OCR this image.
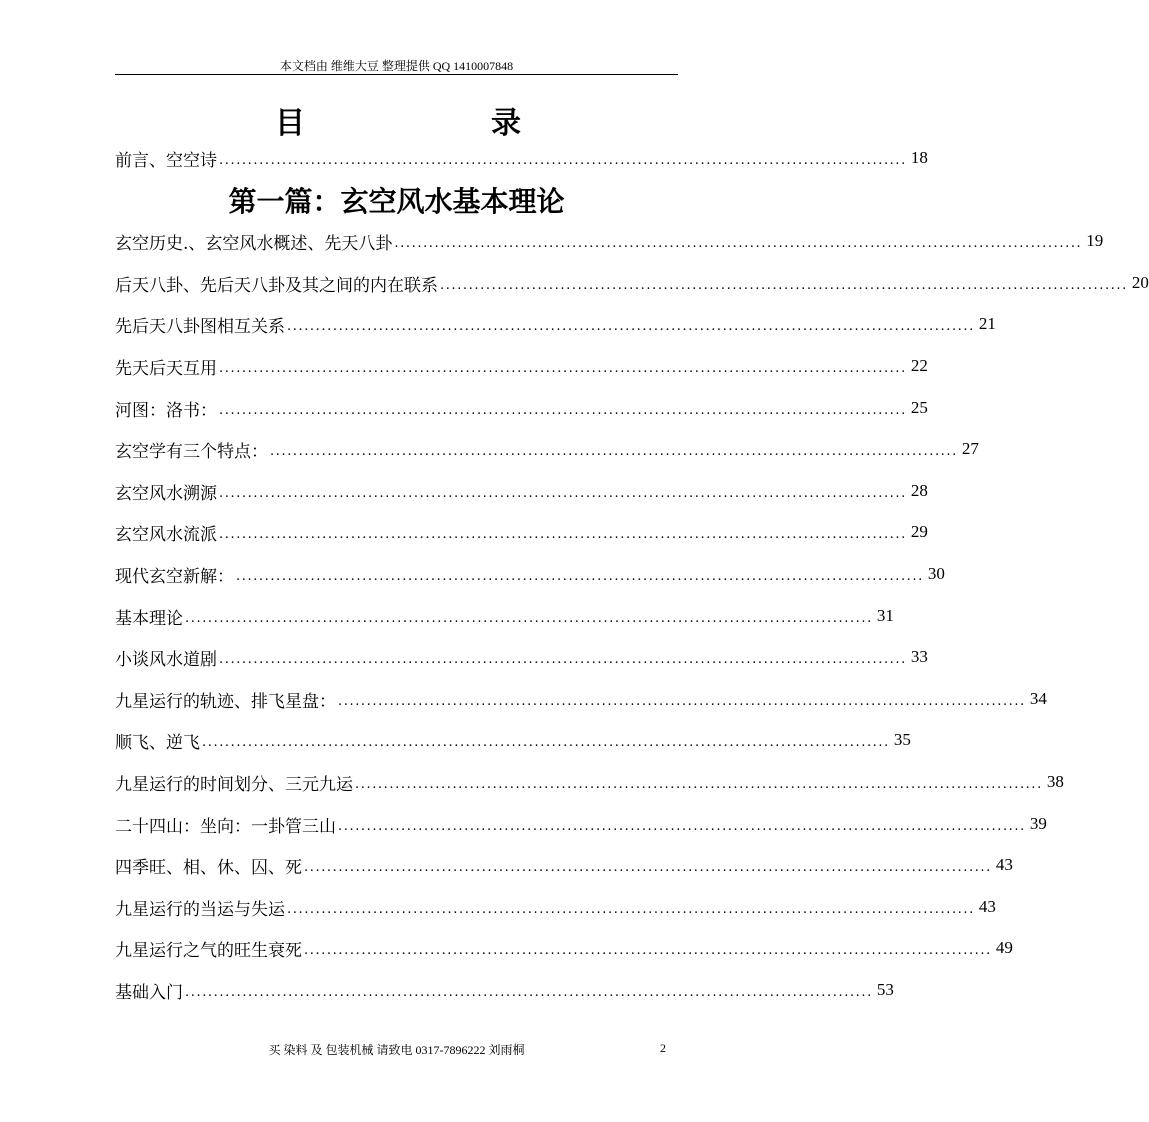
本文档由 维维大豆 整理提供 QQ 1410007848
目	录
前言、空空诗 ........................................................................................................................ 18
第一篇：玄空风水基本理论
玄空历史.、玄空风水概述、先天八卦 ........................................................................................................................ 19
后天八卦、先后天八卦及其之间的内在联系 ........................................................................................................................ 20
先后天八卦图相互关系 ........................................................................................................................ 21
先天后天互用 ........................................................................................................................ 22
河图：洛书： ........................................................................................................................ 25
玄空学有三个特点： ........................................................................................................................ 27
玄空风水溯源 ........................................................................................................................ 28
玄空风水流派 ........................................................................................................................ 29
现代玄空新解： ........................................................................................................................ 30
基本理论 ........................................................................................................................ 31
小谈风水道剧 ........................................................................................................................ 33
九星运行的轨迹、排飞星盘： ........................................................................................................................ 34
顺飞、逆飞 ........................................................................................................................ 35
九星运行的时间划分、三元九运 ........................................................................................................................ 38
二十四山：坐向：一卦管三山 ........................................................................................................................ 39
四季旺、相、休、囚、死 ........................................................................................................................ 43
九星运行的当运与失运 ........................................................................................................................ 43
九星运行之气的旺生衰死 ........................................................................................................................ 49
基础入门 ........................................................................................................................ 53
买 染料 及 包装机械 请致电 0317-7896222 刘雨桐	2
